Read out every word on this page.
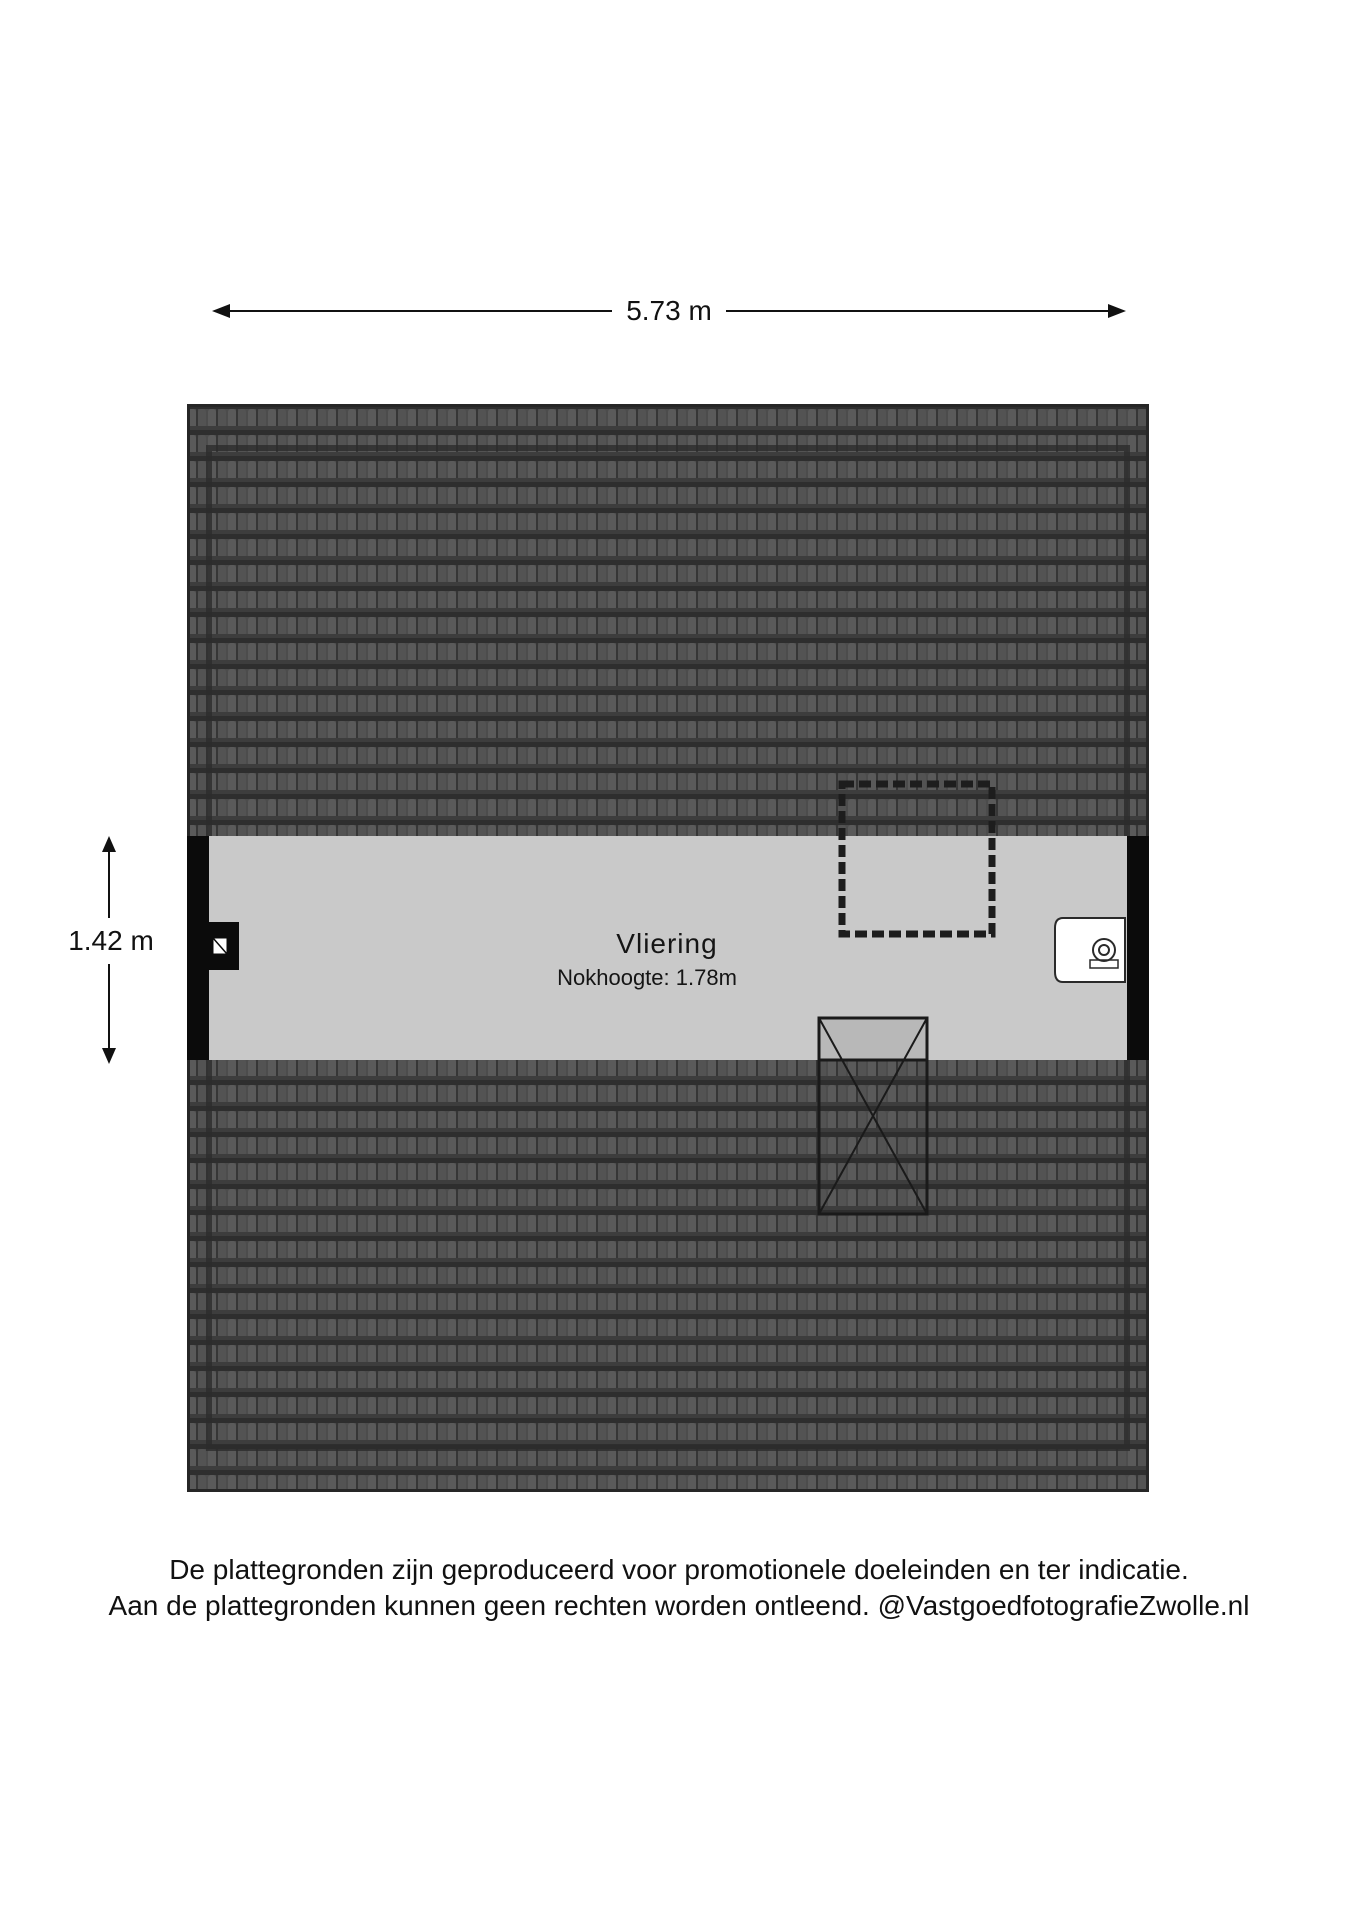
5.73 m
1.42 m	Vliering
Nokhoogte: 1.78m
De plattegronden zijn geproduceerd voor promotionele doeleinden en ter indicatie.
Aan de plattegronden kunnen geen rechten worden ontleend. @VastgoedfotografieZwolle.nl
